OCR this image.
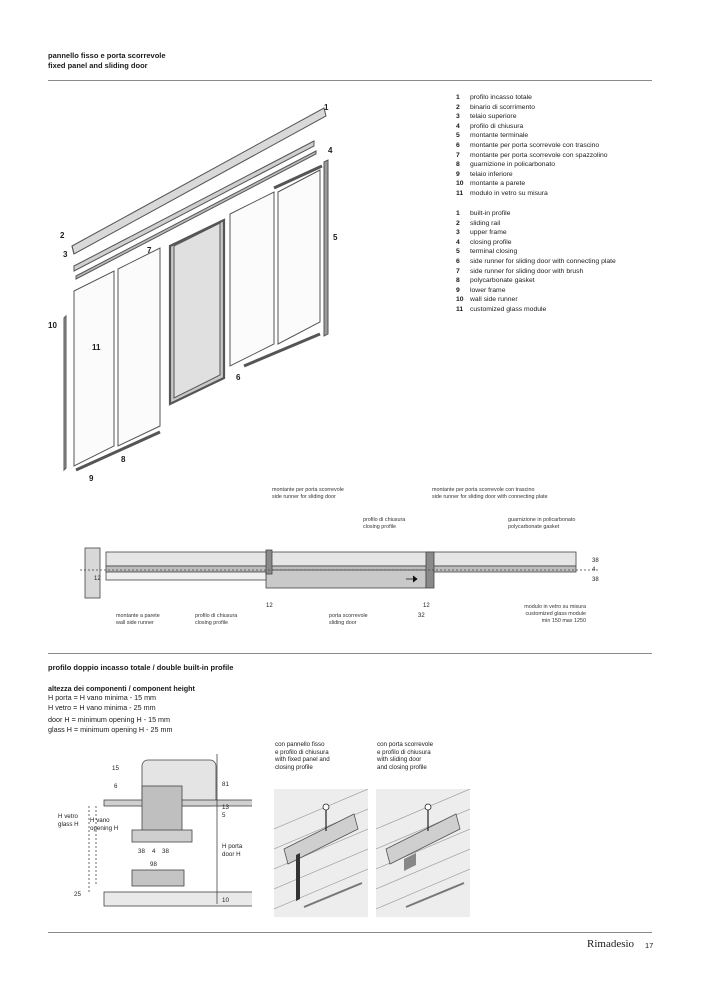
pannello fisso e porta scorrevole
fixed panel and sliding door
1
2
3
4
5
6
7
8
9
10
11
1	profilo incasso totale
2	binario di scorrimento
3	telaio superiore
4	profilo di chiusura
5	montante terminale
6	montante per porta scorrevole con trascino
7	montante per porta scorrevole con spazzolino
8	guarnizione in policarbonato
9	telaio inferiore
10 montante a parete
11	modulo in vetro su misura
1	built-in profile
2	sliding rail
3	upper frame
4	closing profile
5	terminal closing
6	side runner for sliding door with connecting plate
7	side runner for sliding door with brush
8	polycarbonate gasket
9	lower frame
10 wall side runner
11	customized glass module
montante per porta scorrevole
side runner for sliding door
montante per porta scorrevole con trascino
side runner for sliding door with connecting plate
profilo di chiusura
closing profile
guarnizione in policarbonato
polycarbonate gasket
12
12	12
32
38
4
38
montante a parete
wall side runner
profilo di chiusura
closing profile
porta scorrevole
sliding door
modulo in vetro su misura
customized glass module
min 150 max 1250
profilo doppio incasso totale / double built-in profile
altezza dei componenti / component height
H porta = H vano minima - 15 mm
H vetro = H vano minima - 25 mm
door H = minimum opening H - 15 mm
glass H = minimum opening H - 25 mm
15
6	81
13
5
38 4 38
98
25
10
H vetro
glass H
H vano
opening H
H porta
door H
con pannello fisso
e profilo di chiusura
with fixed panel and
closing profile
con porta scorrevole
e profilo di chiusura
with sliding door
and closing profile
Rimadesio 17
